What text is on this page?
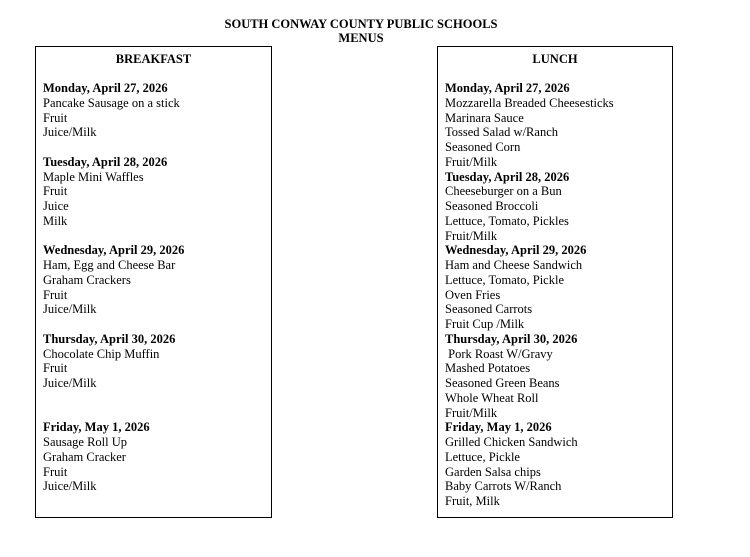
SOUTH CONWAY COUNTY PUBLIC SCHOOLS
MENUS
BREAKFAST
Monday, April 27, 2026
Pancake Sausage on a stick
Fruit
Juice/Milk
Tuesday, April 28, 2026
Maple Mini Waffles
Fruit
Juice
Milk
Wednesday, April 29, 2026
Ham, Egg and Cheese Bar
Graham Crackers
Fruit
Juice/Milk
Thursday, April 30, 2026
Chocolate Chip Muffin
Fruit
Juice/Milk
Friday, May 1, 2026
Sausage Roll Up
Graham Cracker
Fruit
Juice/Milk
LUNCH
Monday, April 27, 2026
Mozzarella Breaded Cheesesticks
Marinara Sauce
Tossed Salad w/Ranch
Seasoned Corn
Fruit/Milk
Tuesday, April 28, 2026
Cheeseburger on a Bun
Seasoned Broccoli
Lettuce, Tomato, Pickles
Fruit/Milk
Wednesday, April 29, 2026
Ham and Cheese Sandwich
Lettuce, Tomato, Pickle
Oven Fries
Seasoned Carrots
Fruit Cup /Milk
Thursday, April 30, 2026
Pork Roast W/Gravy
Mashed Potatoes
Seasoned Green Beans
Whole Wheat Roll
Fruit/Milk
Friday, May 1, 2026
Grilled Chicken Sandwich
Lettuce, Pickle
Garden Salsa chips
Baby Carrots W/Ranch
Fruit, Milk
